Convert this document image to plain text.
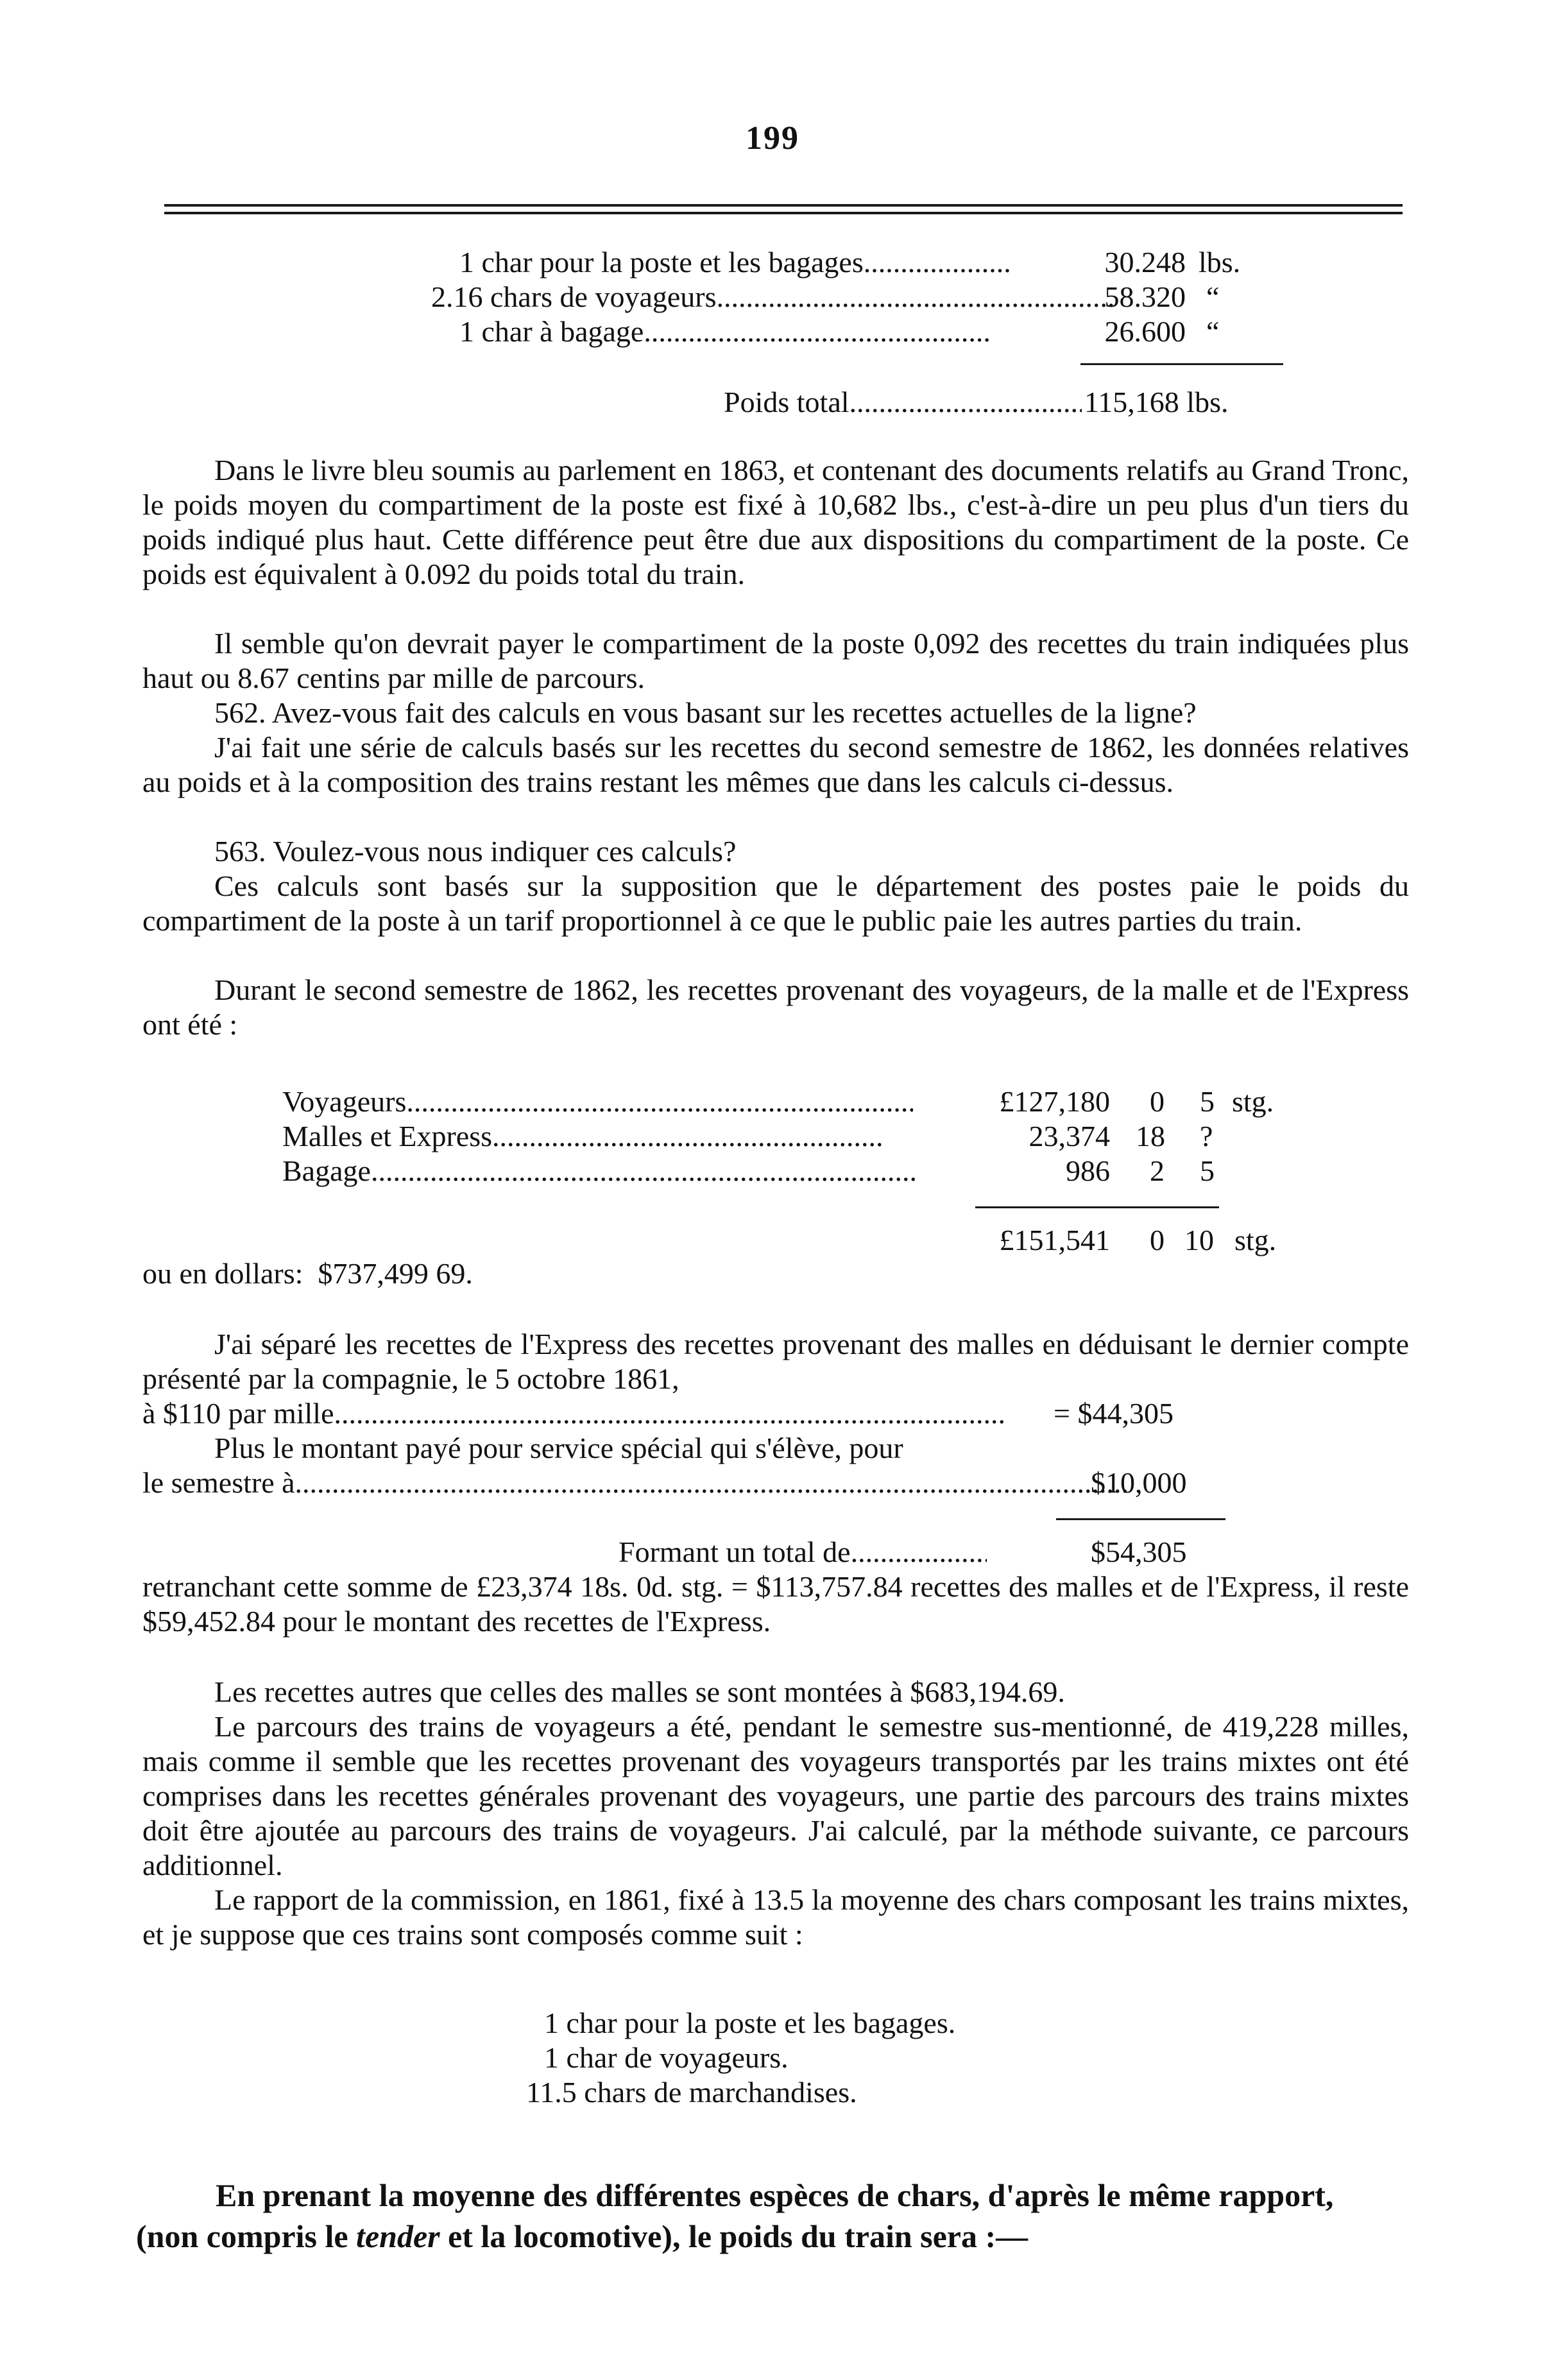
199
1 char pour la poste et les bagages .....	30.248 lbs.
2.16 chars de voyageurs .....	58.320 “
1 char à bagage. .....	26.600 “
Poids total .....	115,168 lbs.
Dans le livre bleu soumis au parlement en 1863, et contenant des documents relatifs au Grand Tronc, le poids moyen du compartiment de la poste est fixé à 10,682 lbs., c'est-à-dire un peu plus d'un tiers du poids indiqué plus haut. Cette différence peut être due aux dispositions du compartiment de la poste. Ce poids est équivalent à 0.092 du poids total du train.
Il semble qu'on devrait payer le compartiment de la poste 0,092 des recettes du train indiquées plus haut ou 8.67 centins par mille de parcours.
562. Avez-vous fait des calculs en vous basant sur les recettes actuelles de la ligne?
J'ai fait une série de calculs basés sur les recettes du second semestre de 1862, les données relatives au poids et à la composition des trains restant les mêmes que dans les calculs ci-dessus.
563. Voulez-vous nous indiquer ces calculs?
Ces calculs sont basés sur la supposition que le département des postes paie le poids du compartiment de la poste à un tarif proportionnel à ce que le public paie les autres parties du train.
Durant le second semestre de 1862, les recettes provenant des voyageurs, de la malle et de l'Express ont été :
Voyageurs .....	£127,180 0 5 stg.
Malles et Express .....	23,374 18 ?
Bagage .....	986 2 5
£151,541 0 10 stg.
ou en dollars: $737,499 69.
J'ai séparé les recettes de l'Express des recettes provenant des malles en déduisant le dernier compte présenté par la compagnie, le 5 octobre 1861,
à $110 par mille .....	= $44,305
Plus le montant payé pour service spécial qui s'élève, pour
le semestre à .....	$10,000
Formant un total de .....	$54,305
retranchant cette somme de £23,374 18s. 0d. stg. = $113,757.84 recettes des malles et de l'Express, il reste $59,452.84 pour le montant des recettes de l'Express.
Les recettes autres que celles des malles se sont montées à $683,194.69.
Le parcours des trains de voyageurs a été, pendant le semestre sus-mentionné, de 419,228 milles, mais comme il semble que les recettes provenant des voyageurs transportés par les trains mixtes ont été comprises dans les recettes générales provenant des voyageurs, une partie des parcours des trains mixtes doit être ajoutée au parcours des trains de voyageurs. J'ai calculé, par la méthode suivante, ce parcours additionnel.
Le rapport de la commission, en 1861, fixé à 13.5 la moyenne des chars composant les trains mixtes, et je suppose que ces trains sont composés comme suit :
1 char pour la poste et les bagages.
1 char de voyageurs.
11.5 chars de marchandises.
En prenant la moyenne des différentes espèces de chars, d'après le même rapport,
(non compris le tender et la locomotive), le poids du train sera :—
